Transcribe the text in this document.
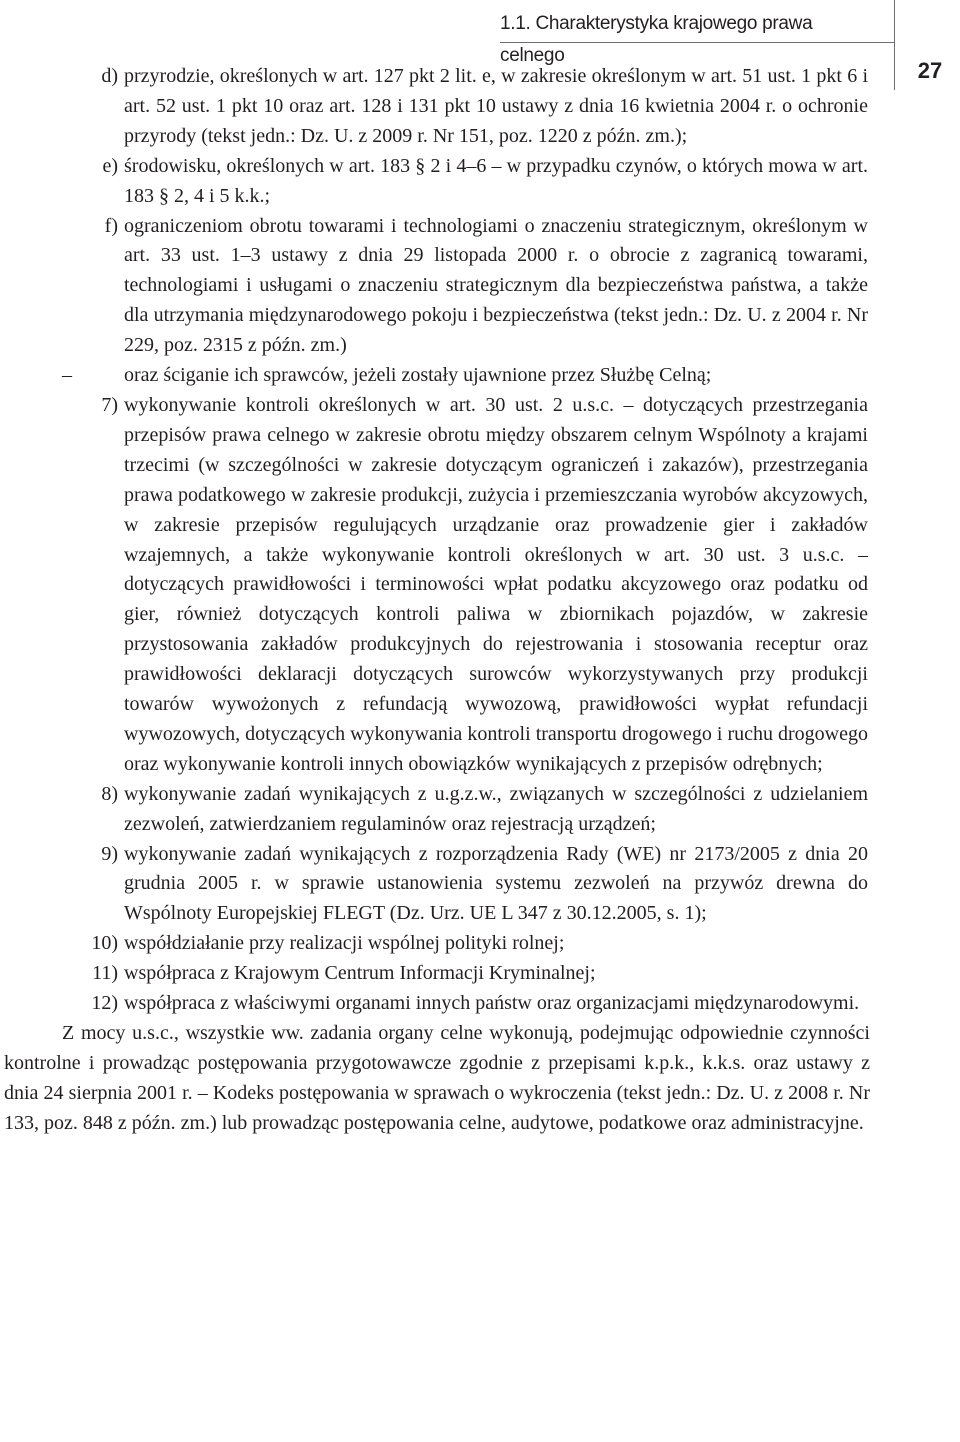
1.1. Charakterystyka krajowego prawa celnego
27
d) przyrodzie, określonych w art. 127 pkt 2 lit. e, w zakresie określonym w art. 51 ust. 1 pkt 6 i art. 52 ust. 1 pkt 10 oraz art. 128 i 131 pkt 10 ustawy z dnia 16 kwietnia 2004 r. o ochronie przyrody (tekst jedn.: Dz. U. z 2009 r. Nr 151, poz. 1220 z późn. zm.);
e) środowisku, określonych w art. 183 § 2 i 4–6 – w przypadku czynów, o których mowa w art. 183 § 2, 4 i 5 k.k.;
f) ograniczeniom obrotu towarami i technologiami o znaczeniu strategicznym, określonym w art. 33 ust. 1–3 ustawy z dnia 29 listopada 2000 r. o obrocie z zagranicą towarami, technologiami i usługami o znaczeniu strategicznym dla bezpieczeństwa państwa, a także dla utrzymania międzynarodowego pokoju i bezpieczeństwa (tekst jedn.: Dz. U. z 2004 r. Nr 229, poz. 2315 z późn. zm.)
–	oraz ściganie ich sprawców, jeżeli zostały ujawnione przez Służbę Celną;
7) wykonywanie kontroli określonych w art. 30 ust. 2 u.s.c. – dotyczących przestrzegania przepisów prawa celnego w zakresie obrotu między obszarem celnym Wspólnoty a krajami trzecimi (w szczególności w zakresie dotyczącym ograniczeń i zakazów), przestrzegania prawa podatkowego w zakresie produkcji, zużycia i przemieszczania wyrobów akcyzowych, w zakresie przepisów regulujących urządzanie oraz prowadzenie gier i zakładów wzajemnych, a także wykonywanie kontroli określonych w art. 30 ust. 3 u.s.c. – dotyczących prawidłowości i terminowości wpłat podatku akcyzowego oraz podatku od gier, również dotyczących kontroli paliwa w zbiornikach pojazdów, w zakresie przystosowania zakładów produkcyjnych do rejestrowania i stosowania receptur oraz prawidłowości deklaracji dotyczących surowców wykorzystywanych przy produkcji towarów wywożonych z refundacją wywozową, prawidłowości wypłat refundacji wywozowych, dotyczących wykonywania kontroli transportu drogowego i ruchu drogowego oraz wykonywanie kontroli innych obowiązków wynikających z przepisów odrębnych;
8) wykonywanie zadań wynikających z u.g.z.w., związanych w szczególności z udzielaniem zezwoleń, zatwierdzaniem regulaminów oraz rejestracją urządzeń;
9) wykonywanie zadań wynikających z rozporządzenia Rady (WE) nr 2173/2005 z dnia 20 grudnia 2005 r. w sprawie ustanowienia systemu zezwoleń na przywóz drewna do Wspólnoty Europejskiej FLEGT (Dz. Urz. UE L 347 z 30.12.2005, s. 1);
10) współdziałanie przy realizacji wspólnej polityki rolnej;
11) współpraca z Krajowym Centrum Informacji Kryminalnej;
12) współpraca z właściwymi organami innych państw oraz organizacjami międzynarodowymi.
Z mocy u.s.c., wszystkie ww. zadania organy celne wykonują, podejmując odpowiednie czynności kontrolne i prowadząc postępowania przygotowawcze zgodnie z przepisami k.p.k., k.k.s. oraz ustawy z dnia 24 sierpnia 2001 r. – Kodeks postępowania w sprawach o wykroczenia (tekst jedn.: Dz. U. z 2008 r. Nr 133, poz. 848 z późn. zm.) lub prowadząc postępowania celne, audytowe, podatkowe oraz administracyjne.
